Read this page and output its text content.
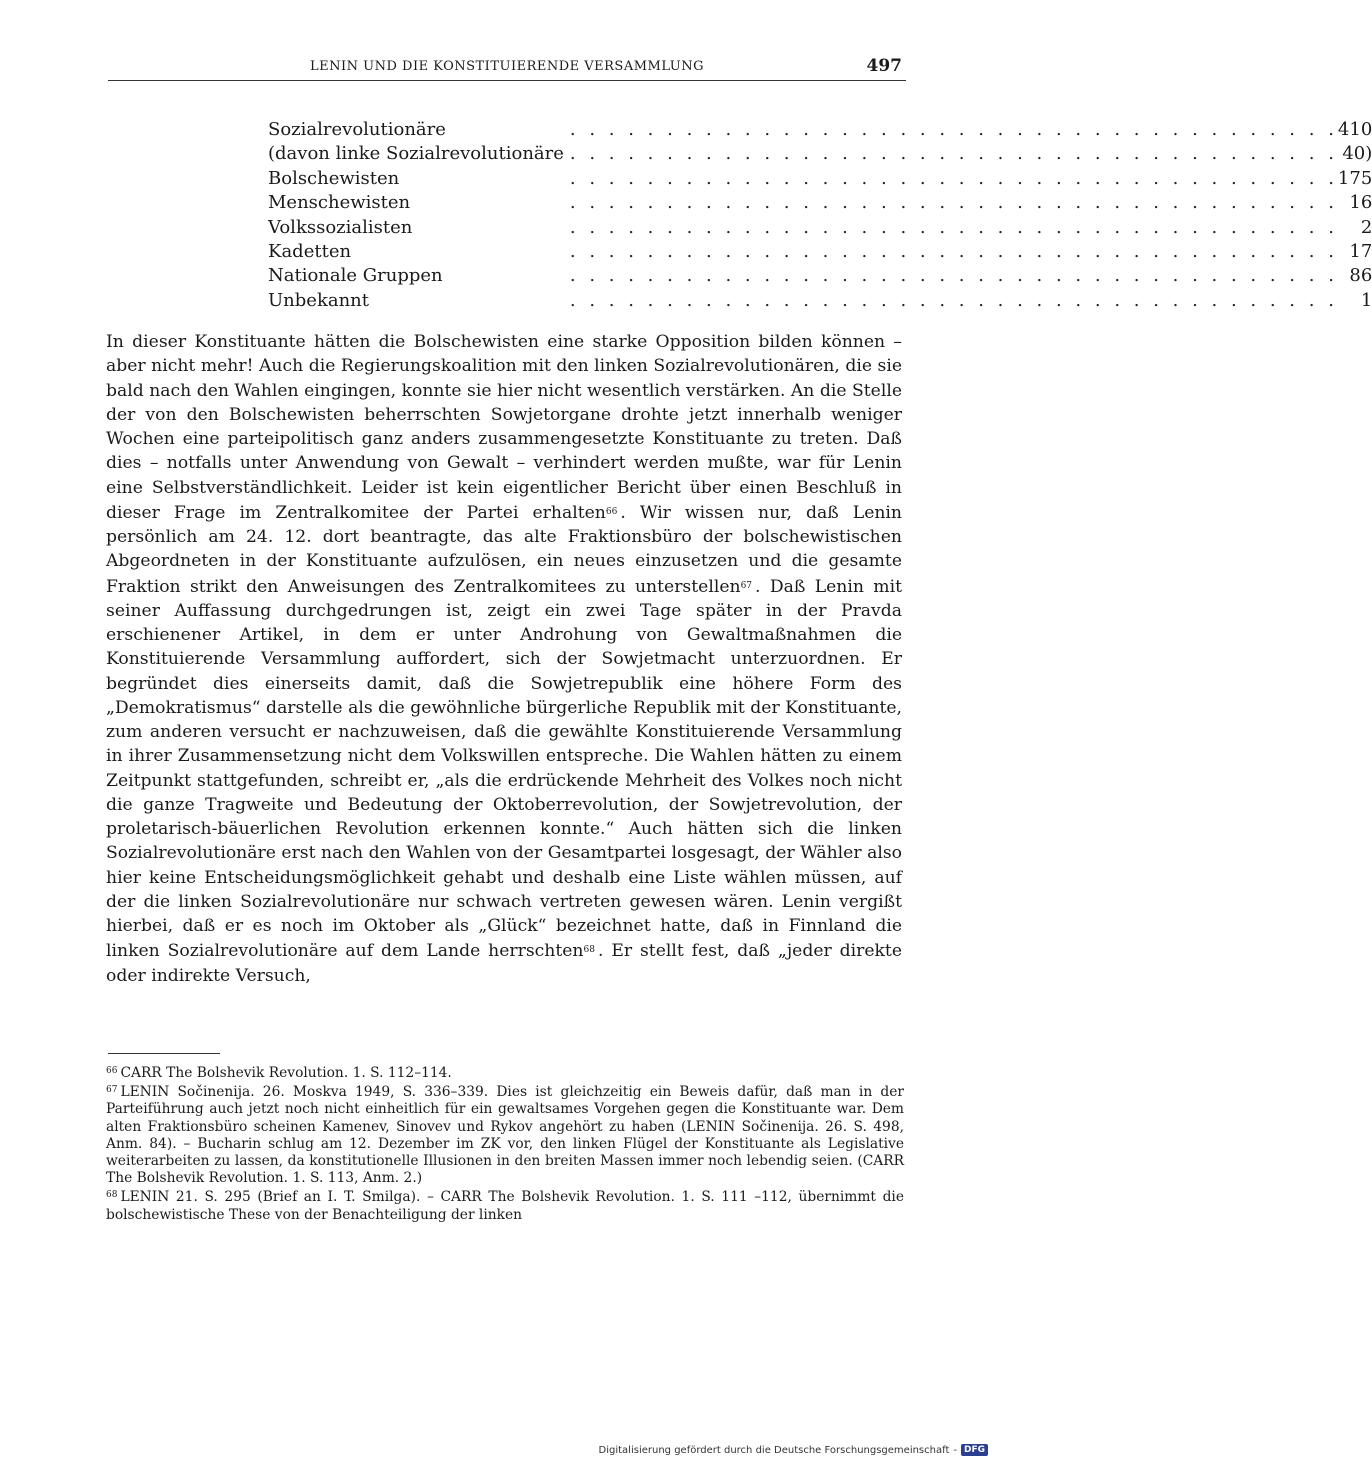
LENIN UND DIE KONSTITUIERENDE VERSAMMLUNG	497
Sozialrevolutionäre	. . .	410
(davon linke Sozialrevolutionäre	. . .	40)
Bolschewisten	. . .	175
Menschewisten	. . .	16
Volkssozialisten	. . .	2
Kadetten	. . .	17
Nationale Gruppen	. . .	86
Unbekannt	. . .	1

In dieser Konstituante hätten die Bolschewisten eine starke Opposition bilden können – aber nicht mehr! Auch die Regierungskoalition mit den linken Sozialrevolutionären, die sie bald nach den Wahlen eingingen, konnte sie hier nicht wesentlich verstärken. An die Stelle der von den Bolschewisten beherrschten Sowjetorgane drohte jetzt innerhalb weniger Wochen eine parteipolitisch ganz anders zusammengesetzte Konstituante zu treten. Daß dies – notfalls unter Anwendung von Gewalt – verhindert werden mußte, war für Lenin eine Selbstverständlichkeit. Leider ist kein eigentlicher Bericht über einen Beschluß in dieser Frage im Zentralkomitee der Partei erhalten$^{66}$ . Wir wissen nur, daß Lenin persönlich am 24. 12. dort beantragte, das alte Fraktionsbüro der bolschewistischen Abgeordneten in der Konstituante aufzulösen, ein neues einzusetzen und die gesamte Fraktion strikt den Anweisungen des Zentralkomitees zu unterstellen$^{67}$ . Daß Lenin mit seiner Auffassung durchgedrungen ist, zeigt ein zwei Tage später in der Pravda erschienener Artikel, in dem er unter Androhung von Gewaltmaßnahmen die Konstituierende Versammlung auffordert, sich der Sowjetmacht unterzuordnen. Er begründet dies einerseits damit, daß die Sowjetrepublik eine höhere Form des „Demokratismus“ darstelle als die gewöhnliche bürgerliche Republik mit der Konstituante, zum anderen versucht er nachzuweisen, daß die gewählte Konstituierende Versammlung in ihrer Zusammensetzung nicht dem Volkswillen entspreche. Die Wahlen hätten zu einem Zeitpunkt stattgefunden, schreibt er, „als die erdrückende Mehrheit des Volkes noch nicht die ganze Tragweite und Bedeutung der Oktoberrevolution, der Sowjetrevolution, der proletarisch-bäuerlichen Revolution erkennen konnte.“ Auch hätten sich die linken Sozialrevolutionäre erst nach den Wahlen von der Gesamtpartei losgesagt, der Wähler also hier keine Entscheidungsmöglichkeit gehabt und deshalb eine Liste wählen müssen, auf der die linken Sozialrevolutionäre nur schwach vertreten gewesen wären. Lenin vergißt hierbei, daß er es noch im Oktober als „Glück“ bezeichnet hatte, daß in Finnland die linken Sozialrevolutionäre auf dem Lande herrschten$^{68}$ . Er stellt fest, daß „jeder direkte oder indirekte Versuch,

$^{66}$ CARR The Bolshevik Revolution. 1. S. 112–114.

$^{67}$ LENIN Sočinenija. 26. Moskva 1949, S. 336–339. Dies ist gleichzeitig ein Beweis dafür, daß man in der Parteiführung auch jetzt noch nicht einheitlich für ein gewaltsames Vorgehen gegen die Konstituante war. Dem alten Fraktionsbüro scheinen Kamenev, Sinovev und Rykov angehört zu haben (LENIN Sočinenija. 26. S. 498, Anm. 84). – Bucharin schlug am 12. Dezember im ZK vor, den linken Flügel der Konstituante als Legislative weiterarbeiten zu lassen, da konstitutionelle Illusionen in den breiten Massen immer noch lebendig seien. (CARR The Bolshevik Revolution. 1. S. 113, Anm. 2.)

$^{68}$ LENIN 21. S. 295 (Brief an I. T. Smilga). – CARR The Bolshevik Revolution. 1. S. 111 –112, übernimmt die bolschewistische These von der Benachteiligung der linken

Digitalisierung gefördert durch die Deutsche Forschungsgemeinschaft - DFG
